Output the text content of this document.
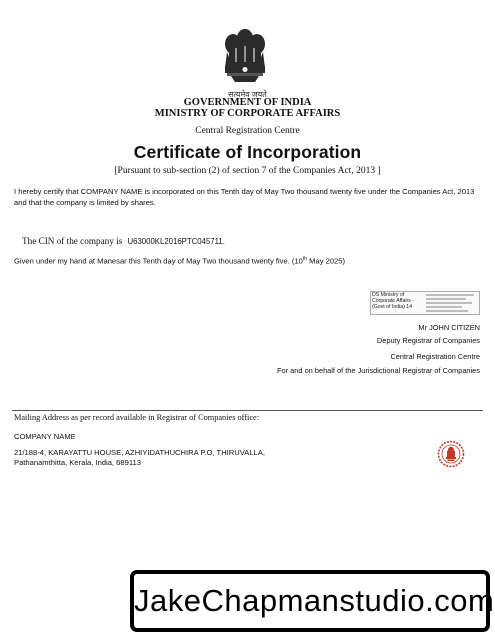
सत्यमेव जयते
GOVERNMENT OF INDIA
MINISTRY OF CORPORATE AFFAIRS
Central Registration Centre
Certificate of Incorporation
[Pursuant to sub-section (2) of section 7 of the Companies Act, 2013 ]
I hereby certify that COMPANY NAME is incorporated on this Tenth day of May Two thousand twenty five under the Companies Act, 2013 and that the company is limited by shares.
The CIN of the company is U63000KL2016PTC045711.
Given under my hand at Manesar this Tenth day of May Two thousand twenty five. (10th May 2025)
DS Ministry of Corporate Affairs - (Govt of India) 14
Mr JOHN CITIZEN
Deputy Registrar of Companies
Central Registration Centre
For and on behalf of the Jurisdictional Registrar of Companies
Mailing Address as per record available in Registrar of Companies office:
COMPANY NAME
21/188-4, KARAYATTU HOUSE, AZHIYIDATHUCHIRA P.O, THIRUVALLA,
Pathanamthitta, Kerala, India, 689113
JakeChapmanstudio.com
